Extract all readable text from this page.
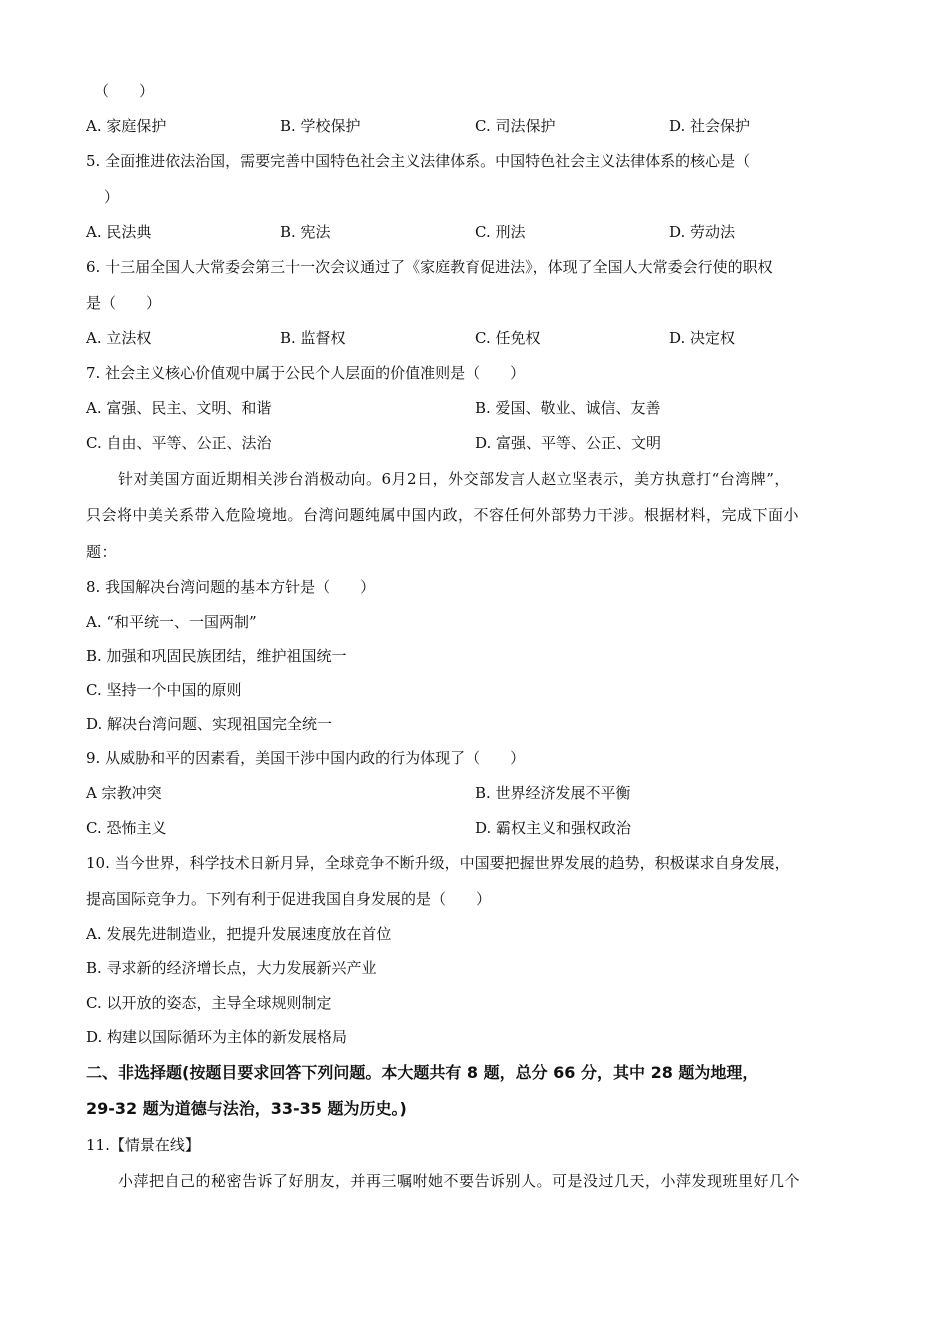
（　　）
A. 家庭保护	B. 学校保护	C. 司法保护	D. 社会保护
5. 全面推进依法治国，需要完善中国特色社会主义法律体系。中国特色社会主义法律体系的核心是（
）
A. 民法典	B. 宪法	C. 刑法	D. 劳动法
6. 十三届全国人大常委会第三十一次会议通过了《家庭教育促进法》，体现了全国人大常委会行使的职权
是（　　）
A. 立法权	B. 监督权	C. 任免权	D. 决定权
7. 社会主义核心价值观中属于公民个人层面的价值准则是（　　）
A. 富强、民主、文明、和谐	B. 爱国、敬业、诚信、友善
C. 自由、平等、公正、法治	D. 富强、平等、公正、文明
针对美国方面近期相关涉台消极动向。6月2日，外交部发言人赵立坚表示，美方执意打“台湾牌”，
只会将中美关系带入危险境地。台湾问题纯属中国内政，不容任何外部势力干涉。根据材料，完成下面小
题：
8. 我国解决台湾问题的基本方针是（　　）
A. “和平统一、一国两制”
B. 加强和巩固民族团结，维护祖国统一
C. 坚持一个中国的原则
D. 解决台湾问题、实现祖国完全统一
9. 从威胁和平的因素看，美国干涉中国内政的行为体现了（　　）
A 宗教冲突	B. 世界经济发展不平衡
C. 恐怖主义	D. 霸权主义和强权政治
10. 当今世界，科学技术日新月异，全球竞争不断升级，中国要把握世界发展的趋势，积极谋求自身发展，
提高国际竞争力。下列有利于促进我国自身发展的是（　　）
A. 发展先进制造业，把提升发展速度放在首位
B. 寻求新的经济增长点，大力发展新兴产业
C. 以开放的姿态，主导全球规则制定
D. 构建以国际循环为主体的新发展格局
二、非选择题(按题目要求回答下列问题。本大题共有 8 题，总分 66 分，其中 28 题为地理，
29-32 题为道德与法治，33-35 题为历史。)
11.【情景在线】
小萍把自己的秘密告诉了好朋友，并再三嘱咐她不要告诉别人。可是没过几天，小萍发现班里好几个
